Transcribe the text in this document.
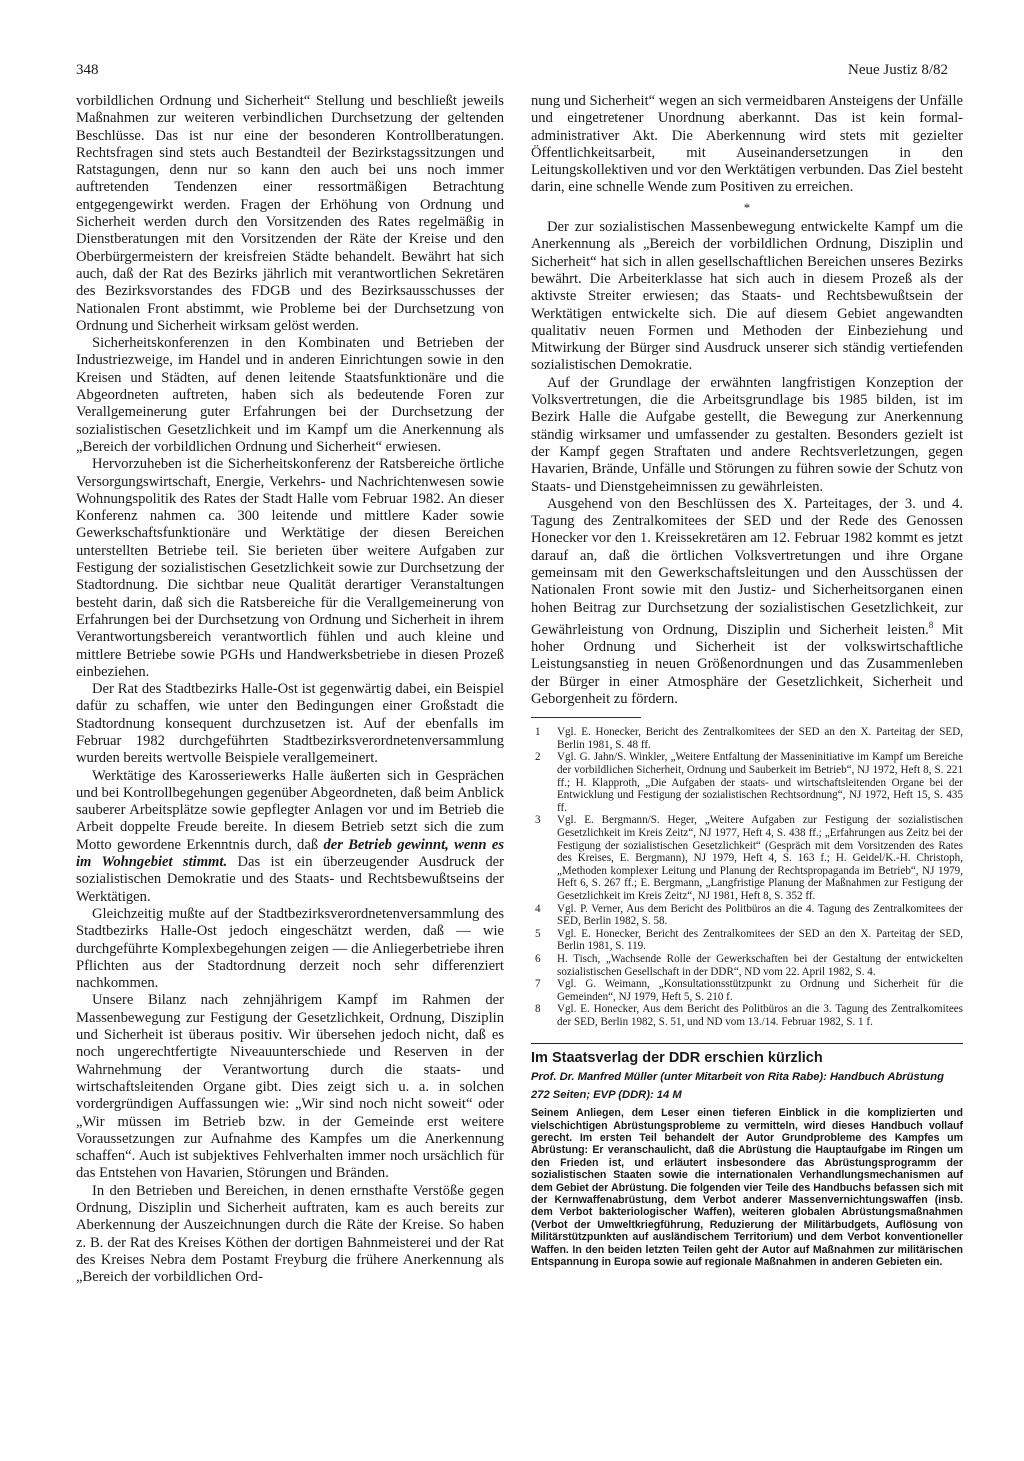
348	Neue Justiz 8/82

vorbildlichen Ordnung und Sicherheit“ Stellung und beschließt jeweils Maßnahmen zur weiteren verbindlichen Durchsetzung der geltenden Beschlüsse. Das ist nur eine der besonderen Kontrollberatungen. Rechtsfragen sind stets auch Bestandteil der Bezirkstagssitzungen und Ratstagungen, denn nur so kann den auch bei uns noch immer auftretenden Tendenzen einer ressortmäßigen Betrachtung entgegengewirkt werden. Fragen der Erhöhung von Ordnung und Sicherheit werden durch den Vorsitzenden des Rates regelmäßig in Dienstberatungen mit den Vorsitzenden der Räte der Kreise und den Oberbürgermeistern der kreisfreien Städte behandelt. Bewährt hat sich auch, daß der Rat des Bezirks jährlich mit verantwortlichen Sekretären des Bezirksvorstandes des FDGB und des Bezirksausschusses der Nationalen Front abstimmt, wie Probleme bei der Durchsetzung von Ordnung und Sicherheit wirksam gelöst werden.

Sicherheitskonferenzen in den Kombinaten und Betrieben der Industriezweige, im Handel und in anderen Einrichtungen sowie in den Kreisen und Städten, auf denen leitende Staatsfunktionäre und die Abgeordneten auftreten, haben sich als bedeutende Foren zur Verallgemeinerung guter Erfahrungen bei der Durchsetzung der sozialistischen Gesetzlichkeit und im Kampf um die Anerkennung als „Bereich der vorbildlichen Ordnung und Sicherheit“ erwiesen.

Hervorzuheben ist die Sicherheitskonferenz der Ratsbereiche örtliche Versorgungswirtschaft, Energie, Verkehrs- und Nachrichtenwesen sowie Wohnungspolitik des Rates der Stadt Halle vom Februar 1982. An dieser Konferenz nahmen ca. 300 leitende und mittlere Kader sowie Gewerkschaftsfunktionäre und Werktätige der diesen Bereichen unterstellten Betriebe teil. Sie berieten über weitere Aufgaben zur Festigung der sozialistischen Gesetzlichkeit sowie zur Durchsetzung der Stadtordnung. Die sichtbar neue Qualität derartiger Veranstaltungen besteht darin, daß sich die Ratsbereiche für die Verallgemeinerung von Erfahrungen bei der Durchsetzung von Ordnung und Sicherheit in ihrem Verantwortungsbereich verantwortlich fühlen und auch kleine und mittlere Betriebe sowie PGHs und Handwerksbetriebe in diesen Prozeß einbeziehen.

Der Rat des Stadtbezirks Halle-Ost ist gegenwärtig dabei, ein Beispiel dafür zu schaffen, wie unter den Bedingungen einer Großstadt die Stadtordnung konsequent durchzusetzen ist. Auf der ebenfalls im Februar 1982 durchgeführten Stadtbezirksverordnetenversammlung wurden bereits wertvolle Beispiele verallgemeinert.

Werktätige des Karosseriewerks Halle äußerten sich in Gesprächen und bei Kontrollbegehungen gegenüber Abgeordneten, daß beim Anblick sauberer Arbeitsplätze sowie gepflegter Anlagen vor und im Betrieb die Arbeit doppelte Freude bereite. In diesem Betrieb setzt sich die zum Motto gewordene Erkenntnis durch, daß der Betrieb gewinnt, wenn es im Wohngebiet stimmt. Das ist ein überzeugender Ausdruck der sozialistischen Demokratie und des Staats- und Rechtsbewußtseins der Werktätigen.

Gleichzeitig mußte auf der Stadtbezirksverordnetenversammlung des Stadtbezirks Halle-Ost jedoch eingeschätzt werden, daß — wie durchgeführte Komplexbegehungen zeigen — die Anliegerbetriebe ihren Pflichten aus der Stadtordnung derzeit noch sehr differenziert nachkommen.

Unsere Bilanz nach zehnjährigem Kampf im Rahmen der Massenbewegung zur Festigung der Gesetzlichkeit, Ordnung, Disziplin und Sicherheit ist überaus positiv. Wir übersehen jedoch nicht, daß es noch ungerechtfertigte Niveauunterschiede und Reserven in der Wahrnehmung der Verantwortung durch die staats- und wirtschaftsleitenden Organe gibt. Dies zeigt sich u. a. in solchen vordergründigen Auffassungen wie: „Wir sind noch nicht soweit“ oder „Wir müssen im Betrieb bzw. in der Gemeinde erst weitere Voraussetzungen zur Aufnahme des Kampfes um die Anerkennung schaffen“. Auch ist subjektives Fehlverhalten immer noch ursächlich für das Entstehen von Havarien, Störungen und Bränden.

In den Betrieben und Bereichen, in denen ernsthafte Verstöße gegen Ordnung, Disziplin und Sicherheit auftraten, kam es auch bereits zur Aberkennung der Auszeichnungen durch die Räte der Kreise. So haben z. B. der Rat des Kreises Köthen der dortigen Bahnmeisterei und der Rat des Kreises Nebra dem Postamt Freyburg die frühere Anerkennung als „Bereich der vorbildlichen Ord-

nung und Sicherheit“ wegen an sich vermeidbaren Ansteigens der Unfälle und eingetretener Unordnung aberkannt. Das ist kein formal-administrativer Akt. Die Aberkennung wird stets mit gezielter Öffentlichkeitsarbeit, mit Auseinandersetzungen in den Leitungskollektiven und vor den Werktätigen verbunden. Das Ziel besteht darin, eine schnelle Wende zum Positiven zu erreichen.

*

Der zur sozialistischen Massenbewegung entwickelte Kampf um die Anerkennung als „Bereich der vorbildlichen Ordnung, Disziplin und Sicherheit“ hat sich in allen gesellschaftlichen Bereichen unseres Bezirks bewährt. Die Arbeiterklasse hat sich auch in diesem Prozeß als der aktivste Streiter erwiesen; das Staats- und Rechtsbewußtsein der Werktätigen entwickelte sich. Die auf diesem Gebiet angewandten qualitativ neuen Formen und Methoden der Einbeziehung und Mitwirkung der Bürger sind Ausdruck unserer sich ständig vertiefenden sozialistischen Demokratie.

Auf der Grundlage der erwähnten langfristigen Konzeption der Volksvertretungen, die die Arbeitsgrundlage bis 1985 bilden, ist im Bezirk Halle die Aufgabe gestellt, die Bewegung zur Anerkennung ständig wirksamer und umfassender zu gestalten. Besonders gezielt ist der Kampf gegen Straftaten und andere Rechtsverletzungen, gegen Havarien, Brände, Unfälle und Störungen zu führen sowie der Schutz von Staats- und Dienstgeheimnissen zu gewährleisten.

Ausgehend von den Beschlüssen des X. Parteitages, der 3. und 4. Tagung des Zentralkomitees der SED und der Rede des Genossen Honecker vor den 1. Kreissekretären am 12. Februar 1982 kommt es jetzt darauf an, daß die örtlichen Volksvertretungen und ihre Organe gemeinsam mit den Gewerkschaftsleitungen und den Ausschüssen der Nationalen Front sowie mit den Justiz- und Sicherheitsorganen einen hohen Beitrag zur Durchsetzung der sozialistischen Gesetzlichkeit, zur Gewährleistung von Ordnung, Disziplin und Sicherheit leisten.$^8$ Mit hoher Ordnung und Sicherheit ist der volkswirtschaftliche Leistungsanstieg in neuen Größenordnungen und das Zusammenleben der Bürger in einer Atmosphäre der Gesetzlichkeit, Sicherheit und Geborgenheit zu fördern.

1 Vgl. E. Honecker, Bericht des Zentralkomitees der SED an den X. Parteitag der SED, Berlin 1981, S. 48 ff.
2 Vgl. G. Jahn/S. Winkler, „Weitere Entfaltung der Masseninitiative im Kampf um Bereiche der vorbildlichen Sicherheit, Ordnung und Sauberkeit im Betrieb“, NJ 1972, Heft 8, S. 221 ff.; H. Klapproth, „Die Aufgaben der staats- und wirtschaftsleitenden Organe bei der Entwicklung und Festigung der sozialistischen Rechtsordnung“, NJ 1972, Heft 15, S. 435 ff.
3 Vgl. E. Bergmann/S. Heger, „Weitere Aufgaben zur Festigung der sozialistischen Gesetzlichkeit im Kreis Zeitz“, NJ 1977, Heft 4, S. 438 ff.; „Erfahrungen aus Zeitz bei der Festigung der sozialistischen Gesetzlichkeit“ (Gespräch mit dem Vorsitzenden des Rates des Kreises, E. Bergmann), NJ 1979, Heft 4, S. 163 f.; H. Geidel/K.-H. Christoph, „Methoden komplexer Leitung und Planung der Rechtspropaganda im Betrieb“, NJ 1979, Heft 6, S. 267 ff.; E. Bergmann, „Langfristige Planung der Maßnahmen zur Festigung der Gesetzlichkeit im Kreis Zeitz“, NJ 1981, Heft 8, S. 352 ff.
4 Vgl. P. Verner, Aus dem Bericht des Politbüros an die 4. Tagung des Zentralkomitees der SED, Berlin 1982, S. 58.
5 Vgl. E. Honecker, Bericht des Zentralkomitees der SED an den X. Parteitag der SED, Berlin 1981, S. 119.
6 H. Tisch, „Wachsende Rolle der Gewerkschaften bei der Gestaltung der entwickelten sozialistischen Gesellschaft in der DDR“, ND vom 22. April 1982, S. 4.
7 Vgl. G. Weimann, „Konsultationsstützpunkt zu Ordnung und Sicherheit für die Gemeinden“, NJ 1979, Heft 5, S. 210 f.
8 Vgl. E. Honecker, Aus dem Bericht des Politbüros an die 3. Tagung des Zentralkomitees der SED, Berlin 1982, S. 51, und ND vom 13./14. Februar 1982, S. 1 f.
Im Staatsverlag der DDR erschien kürzlich
Prof. Dr. Manfred Müller (unter Mitarbeit von Rita Rabe): Handbuch Abrüstung
272 Seiten; EVP (DDR): 14 M
Seinem Anliegen, dem Leser einen tieferen Einblick in die komplizierten und vielschichtigen Abrüstungsprobleme zu vermitteln, wird dieses Handbuch vollauf gerecht. Im ersten Teil behandelt der Autor Grundprobleme des Kampfes um Abrüstung: Er veranschaulicht, daß die Abrüstung die Hauptaufgabe im Ringen um den Frieden ist, und erläutert insbesondere das Abrüstungsprogramm der sozialistischen Staaten sowie die internationalen Verhandlungsmechanismen auf dem Gebiet der Abrüstung. Die folgenden vier Teile des Handbuchs befassen sich mit der Kernwaffenabrüstung, dem Verbot anderer Massenvernichtungswaffen (insb. dem Verbot bakteriologischer Waffen), weiteren globalen Abrüstungsmaßnahmen (Verbot der Umweltkriegführung, Reduzierung der Militärbudgets, Auflösung von Militärstützpunkten auf ausländischem Territorium) und dem Verbot konventioneller Waffen. In den beiden letzten Teilen geht der Autor auf Maßnahmen zur militärischen Entspannung in Europa sowie auf regionale Maßnahmen in anderen Gebieten ein.
